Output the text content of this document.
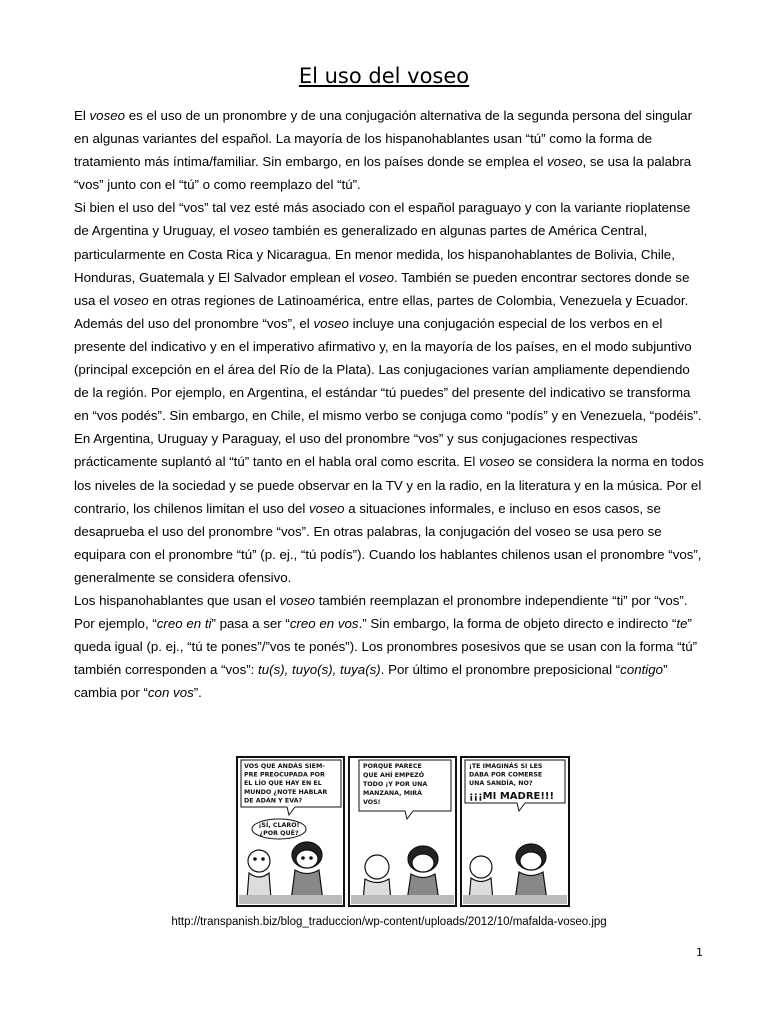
El uso del voseo

El voseo es el uso de un pronombre y de una conjugación alternativa de la segunda persona del singular en algunas variantes del español. La mayoría de los hispanohablantes usan “tú” como la forma de tratamiento más íntima/familiar. Sin embargo, en los países donde se emplea el voseo, se usa la palabra “vos” junto con el “tú” o como reemplazo del “tú”.

Si bien el uso del “vos” tal vez esté más asociado con el español paraguayo y con la variante rioplatense de Argentina y Uruguay, el voseo también es generalizado en algunas partes de América Central, particularmente en Costa Rica y Nicaragua. En menor medida, los hispanohablantes de Bolivia, Chile, Honduras, Guatemala y El Salvador emplean el voseo. También se pueden encontrar sectores donde se usa el voseo en otras regiones de Latinoamérica, entre ellas, partes de Colombia, Venezuela y Ecuador.

Además del uso del pronombre “vos”, el voseo incluye una conjugación especial de los verbos en el presente del indicativo y en el imperativo afirmativo y, en la mayoría de los países, en el modo subjuntivo (principal excepción en el área del Río de la Plata). Las conjugaciones varían ampliamente dependiendo de la región. Por ejemplo, en Argentina, el estándar “tú puedes” del presente del indicativo se transforma en “vos podés”. Sin embargo, en Chile, el mismo verbo se conjuga como “podís” y en Venezuela, “podéis”.

En Argentina, Uruguay y Paraguay, el uso del pronombre “vos” y sus conjugaciones respectivas prácticamente suplantó al “tú” tanto en el habla oral como escrita. El voseo se considera la norma en todos los niveles de la sociedad y se puede observar en la TV y en la radio, en la literatura y en la música. Por el contrario, los chilenos limitan el uso del voseo a situaciones informales, e incluso en esos casos, se desaprueba el uso del pronombre “vos”. En otras palabras, la conjugación del voseo se usa pero se equipara con el pronombre “tú” (p. ej., “tú podís”). Cuando los hablantes chilenos usan el pronombre “vos”, generalmente se considera ofensivo.

Los hispanohablantes que usan el voseo también reemplazan el pronombre independiente “ti” por “vos”. Por ejemplo, “creo en ti” pasa a ser “creo en vos.” Sin embargo, la forma de objeto directo e indirecto “te” queda igual (p. ej., “tú te pones”/”vos te ponés”). Los pronombres posesivos que se usan con la forma “tú” también corresponden a “vos”: tu(s), tuyo(s), tuya(s). Por último el pronombre preposicional “contigo” cambia por “con vos”.

VOS QUE ANDÁS SIEM-
PRE PREOCUPADA POR
EL LÍO QUE HAY EN EL
MUNDO ¿NOTE HABLAR
DE ADÁN Y EVA?
¡SÍ, CLARO!
¿POR QUÉ?
PORQUE PARECE
QUE AHÍ EMPEZÓ
TODO ¡Y POR UNA
MANZANA, MIRÁ
VOS!
¡TE IMAGINÁS SI LES
DABA POR COMERSE
UNA SANDÍA, NO?
¡¡¡MI MADRE!!!
http://transpanish.biz/blog_traduccion/wp-content/uploads/2012/10/mafalda-voseo.jpg
1
